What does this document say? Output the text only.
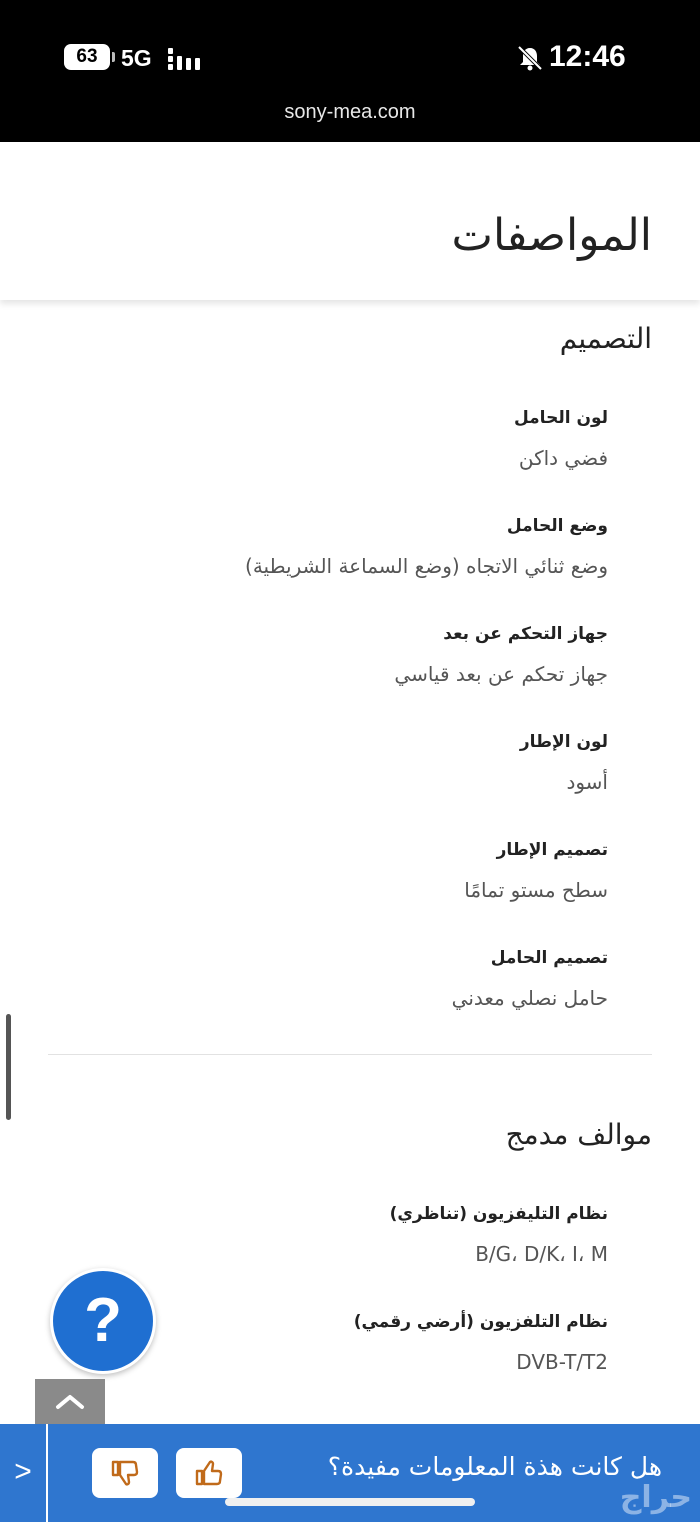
63	5G	12:46
sony-mea.com
المواصفات
التصميم
لون الحامل
فضي داكن
وضع الحامل
وضع ثنائي الاتجاه (وضع السماعة الشريطية)
جهاز التحكم عن بعد
جهاز تحكم عن بعد قياسي
لون الإطار
أسود
تصميم الإطار
سطح مستو تمامًا
تصميم الحامل
حامل نصلي معدني
موالف مدمج
نظام التليفزيون (تناظري)
B/G، D/K، I، M
نظام التلفزيون (أرضي رقمي)
DVB-T/T2
?
>	هل كانت هذة المعلومات مفيدة؟
حراج
